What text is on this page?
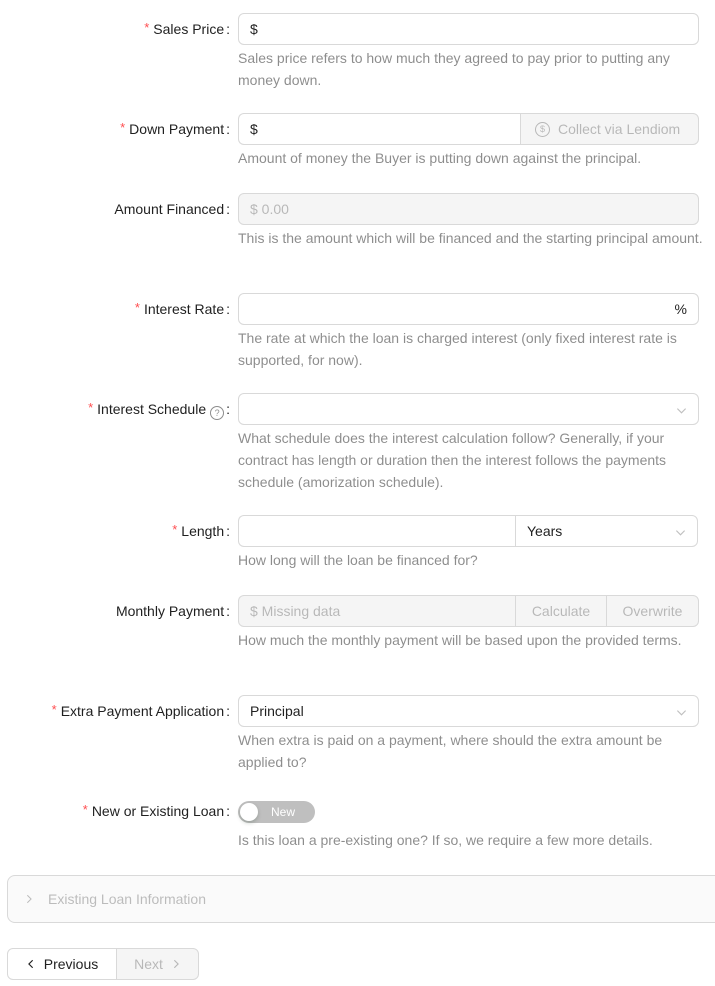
* Sales Price :	$
Sales price refers to how much they agreed to pay prior to putting any money down.
* Down Payment :	$	$ Collect via Lendiom
Amount of money the Buyer is putting down against the principal.
Amount Financed :	$ 0.00
This is the amount which will be financed and the starting principal amount.
* Interest Rate :	%
The rate at which the loan is charged interest (only fixed interest rate is supported, for now).
* Interest Schedule ? :
What schedule does the interest calculation follow? Generally, if your contract has length or duration then the interest follows the payments schedule (amorization schedule).
* Length :	Years
How long will the loan be financed for?
Monthly Payment :	$ Missing data	Calculate	Overwrite
How much the monthly payment will be based upon the provided terms.
* Extra Payment Application :	Principal
When extra is paid on a payment, where should the extra amount be applied to?
* New or Existing Loan :	New
Is this loan a pre-existing one? If so, we require a few more details.
Existing Loan Information
Previous	Next
